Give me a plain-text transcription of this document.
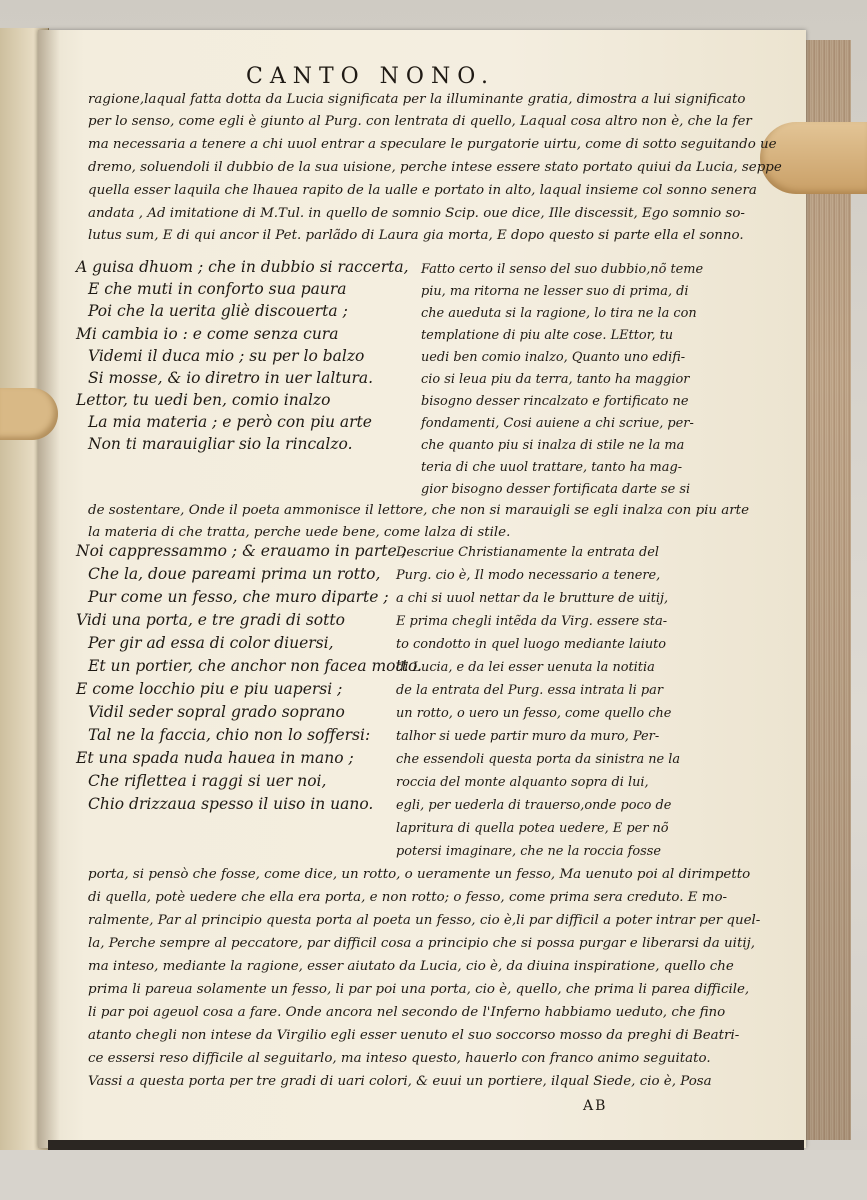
CANTO NONO.
ragione,laqual fatta dotta da Lucia significata per la illuminante gratia, dimostra a lui significato
per lo senso, come egli è giunto al Purg. con lentrata di quello, Laqual cosa altro non è, che la fer
ma necessaria a tenere a chi uuol entrar a speculare le purgatorie uirtu, come di sotto seguitando ue
dremo, soluendoli il dubbio de la sua uisione, perche intese essere stato portato quiui da Lucia, seppe
quella esser laquila che lhauea rapito de la ualle e portato in alto, laqual insieme col sonno senera
andata , Ad imitatione di M.Tul. in quello de somnio Scip. oue dice, Ille discessit, Ego somnio so-
lutus sum, E di qui ancor il Pet. parlãdo di Laura gia morta, E dopo questo si parte ella el sonno.
A guisa dhuom ; che in dubbio si raccerta,
E che muti in conforto sua paura
Poi che la uerita gliè discouerta ;
Mi cambia io : e come senza cura
Videmi il duca mio ; su per lo balzo
Si mosse, & io diretro in uer laltura.
Lettor, tu uedi ben, comio inalzo
La mia materia ; e però con piu arte
Non ti marauigliar sio la rincalzo.
Fatto certo il senso del suo dubbio,nõ teme
piu, ma ritorna ne lesser suo di prima, di
che aueduta si la ragione, lo tira ne la con
templatione di piu alte cose. LEttor, tu
uedi ben comio inalzo, Quanto uno edifi-
cio si leua piu da terra, tanto ha maggior
bisogno desser rincalzato e fortificato ne
fondamenti, Cosi auiene a chi scriue, per-
che quanto piu si inalza di stile ne la ma
teria di che uuol trattare, tanto ha mag-
gior bisogno desser fortificata darte se si
de sostentare, Onde il poeta ammonisce il lettore, che non si marauigli se egli inalza con piu arte
la materia di che tratta, perche uede bene, come lalza di stile.
Noi cappressammo ; & erauamo in parte ;
Che la, doue pareami prima un rotto,
Pur come un fesso, che muro diparte ;
Vidi una porta, e tre gradi di sotto
Per gir ad essa di color diuersi,
Et un portier, che anchor non facea motto.
E come locchio piu e piu uapersi ;
Vidil seder sopral grado soprano
Tal ne la faccia, chio non lo soffersi:
Et una spada nuda hauea in mano ;
Che riflettea i raggi si uer noi,
Chio drizzaua spesso il uiso in uano.
Descriue Christianamente la entrata del
Purg. cio è, Il modo necessario a tenere,
a chi si uuol nettar da le brutture de uitij,
E prima chegli intẽda da Virg. essere sta-
to condotto in quel luogo mediante laiuto
di Lucia, e da lei esser uenuta la notitia
de la entrata del Purg. essa intrata li par
un rotto, o uero un fesso, come quello che
talhor si uede partir muro da muro, Per-
che essendoli questa porta da sinistra ne la
roccia del monte alquanto sopra di lui,
egli, per uederla di trauerso,onde poco de
lapritura di quella potea uedere, E per nõ
potersi imaginare, che ne la roccia fosse
porta, si pensò che fosse, come dice, un rotto, o ueramente un fesso, Ma uenuto poi al dirimpetto
di quella, potè uedere che ella era porta, e non rotto; o fesso, come prima sera creduto. E mo-
ralmente, Par al principio questa porta al poeta un fesso, cio è,li par difficil a poter intrar per quel-
la, Perche sempre al peccatore, par difficil cosa a principio che si possa purgar e liberarsi da uitij,
ma inteso, mediante la ragione, esser aiutato da Lucia, cio è, da diuina inspiratione, quello che
prima li pareua solamente un fesso, li par poi una porta, cio è, quello, che prima li parea difficile,
li par poi ageuol cosa a fare. Onde ancora nel secondo de l'Inferno habbiamo ueduto, che fino
atanto chegli non intese da Virgilio egli esser uenuto el suo soccorso mosso da preghi di Beatri-
ce essersi reso difficile al seguitarlo, ma inteso questo, hauerlo con franco animo seguitato.
Vassi a questa porta per tre gradi di uari colori, & euui un portiere, ilqual Siede, cio è, Posa
AB
